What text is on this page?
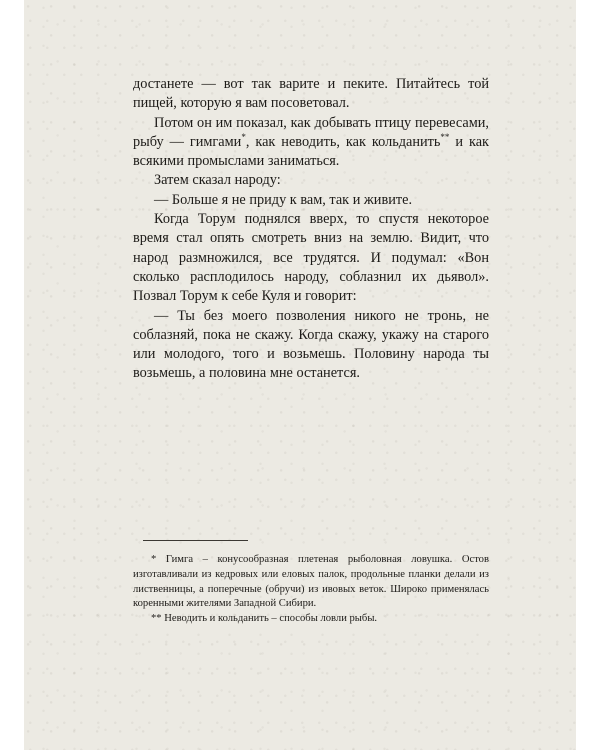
достанете — вот так варите и пеките. Питайтесь той пищей, которую я вам посоветовал.

Потом он им показал, как добывать птицу перевесами, рыбу — гимгами*, как неводить, как кольданить** и как всякими промыслами заниматься.

Затем сказал народу:

— Больше я не приду к вам, так и живите.

Когда Торум поднялся вверх, то спустя некоторое время стал опять смотреть вниз на землю. Видит, что народ размножился, все трудятся. И подумал: «Вон сколько расплодилось народу, соблазнил их дьявол». Позвал Торум к себе Куля и говорит:

— Ты без моего позволения никого не тронь, не соблазняй, пока не скажу. Когда скажу, укажу на старого или молодого, того и возьмешь. Половину народа ты возьмешь, а половина мне останется.

* Гимга – конусообразная плетеная рыболовная ловушка. Остов изготавливали из кедровых или еловых палок, продольные планки делали из лиственницы, а поперечные (обручи) из ивовых веток. Широко применялась коренными жителями Западной Сибири.

** Неводить и кольданить – способы ловли рыбы.
